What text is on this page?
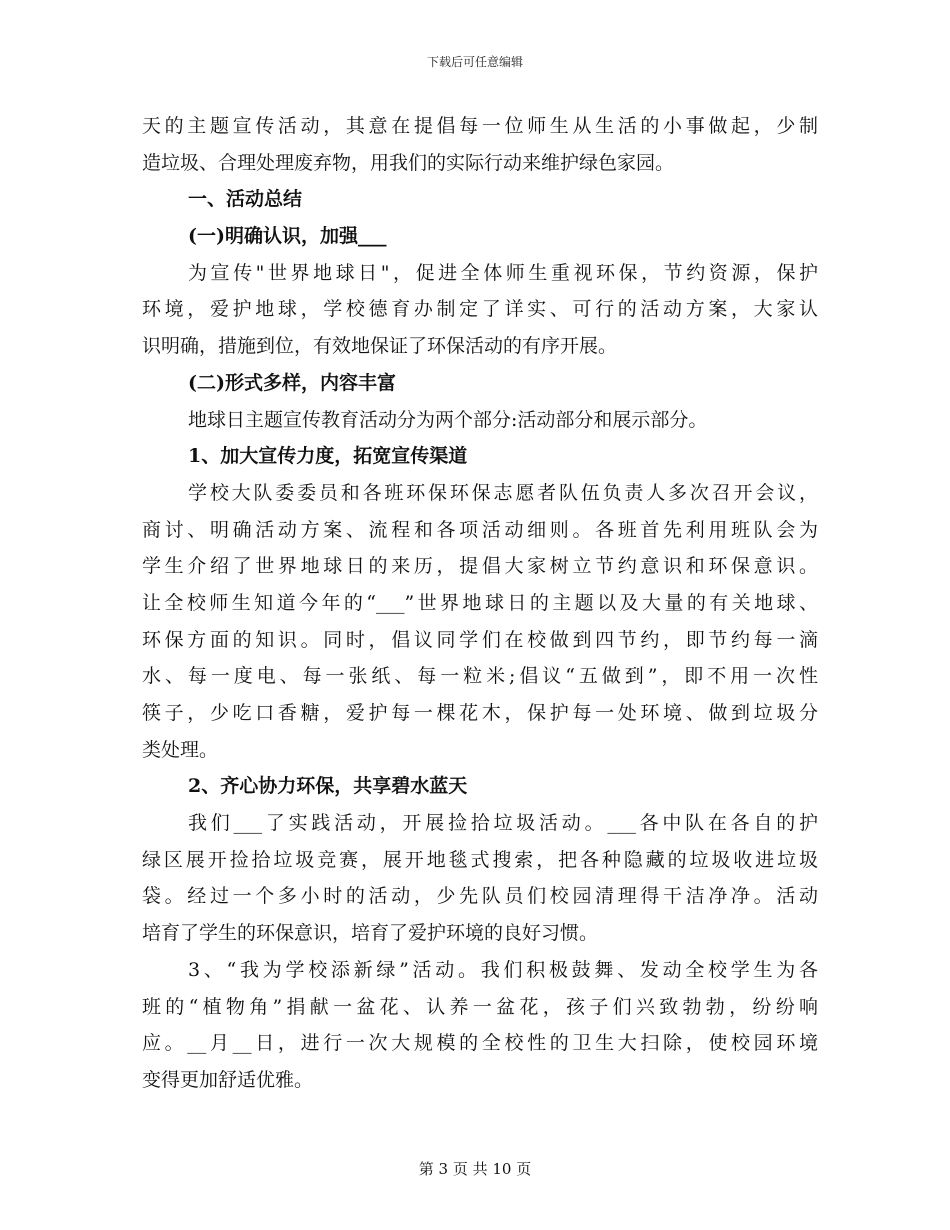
下载后可任意编辑
天的主题宣传活动，其意在提倡每一位师生从生活的小事做起，少制
造垃圾、合理处理废弃物，用我们的实际行动来维护绿色家园。
一、活动总结
(一)明确认识，加强___
为宣传"世界地球日"，促进全体师生重视环保，节约资源，保护
环境，爱护地球，学校德育办制定了详实、可行的活动方案，大家认
识明确，措施到位，有效地保证了环保活动的有序开展。
(二)形式多样，内容丰富
地球日主题宣传教育活动分为两个部分:活动部分和展示部分。
1、加大宣传力度，拓宽宣传渠道
学校大队委委员和各班环保环保志愿者队伍负责人多次召开会议，
商讨、明确活动方案、流程和各项活动细则。各班首先利用班队会为
学生介绍了世界地球日的来历，提倡大家树立节约意识和环保意识。
让全校师生知道今年的“___”世界地球日的主题以及大量的有关地球、
环保方面的知识。同时，倡议同学们在校做到四节约，即节约每一滴
水、每一度电、每一张纸、每一粒米;倡议“五做到”，即不用一次性
筷子，少吃口香糖，爱护每一棵花木，保护每一处环境、做到垃圾分
类处理。
2、齐心协力环保，共享碧水蓝天
我们___了实践活动，开展捡拾垃圾活动。___各中队在各自的护
绿区展开捡拾垃圾竞赛，展开地毯式搜索，把各种隐藏的垃圾收进垃圾
袋。经过一个多小时的活动，少先队员们校园清理得干洁净净。活动
培育了学生的环保意识，培育了爱护环境的良好习惯。
3、“我为学校添新绿”活动。我们积极鼓舞、发动全校学生为各
班的“植物角”捐献一盆花、认养一盆花，孩子们兴致勃勃，纷纷响
应。__月__日，进行一次大规模的全校性的卫生大扫除，使校园环境
变得更加舒适优雅。
第 3 页 共 10 页
